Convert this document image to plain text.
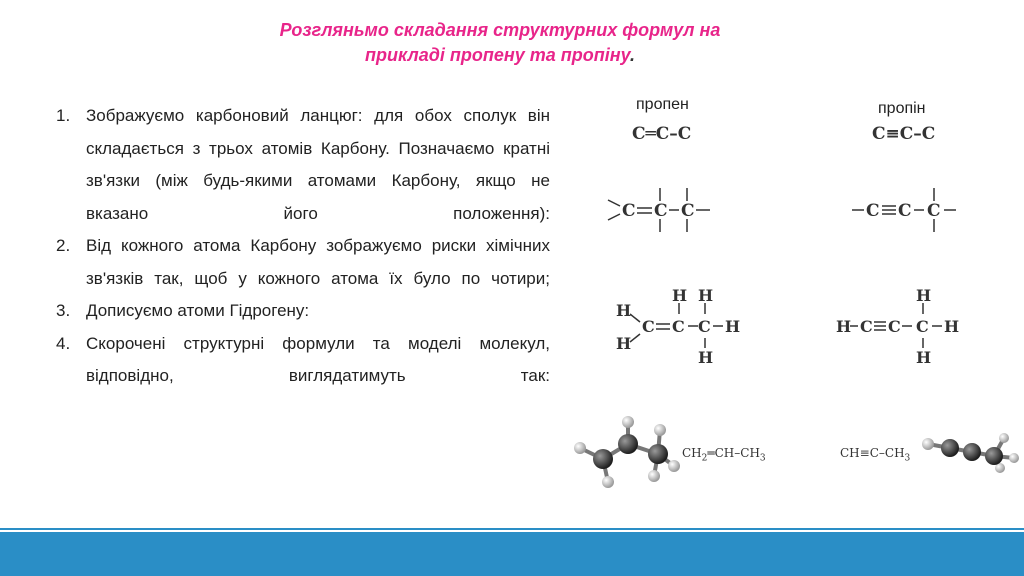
Розгляньмо складання структурних формул на
прикладі пропену та пропіну.
1. Зображуємо карбоновий ланцюг: для обох сполук він складається з трьох атомів Карбону. Позначаємо кратні зв'язки (між будь-якими атомами Карбону, якщо не вказано його положення):
2. Від кожного атома Карбону зображуємо риски хімічних зв'язків так, щоб у кожного атома їх було по чотири;
3. Дописуємо атоми Гідрогену:
4. Скорочені структурні формули та моделі молекул, відповідно, виглядатимуть так:
пропен	пропін
C═C–C	C≡C–C
C C C	C C C
H
H
C C C
H H
H
H	H C C C
H
H
H
$CH_2═CH-CH_3$	$CH\equiv C-CH_3$
